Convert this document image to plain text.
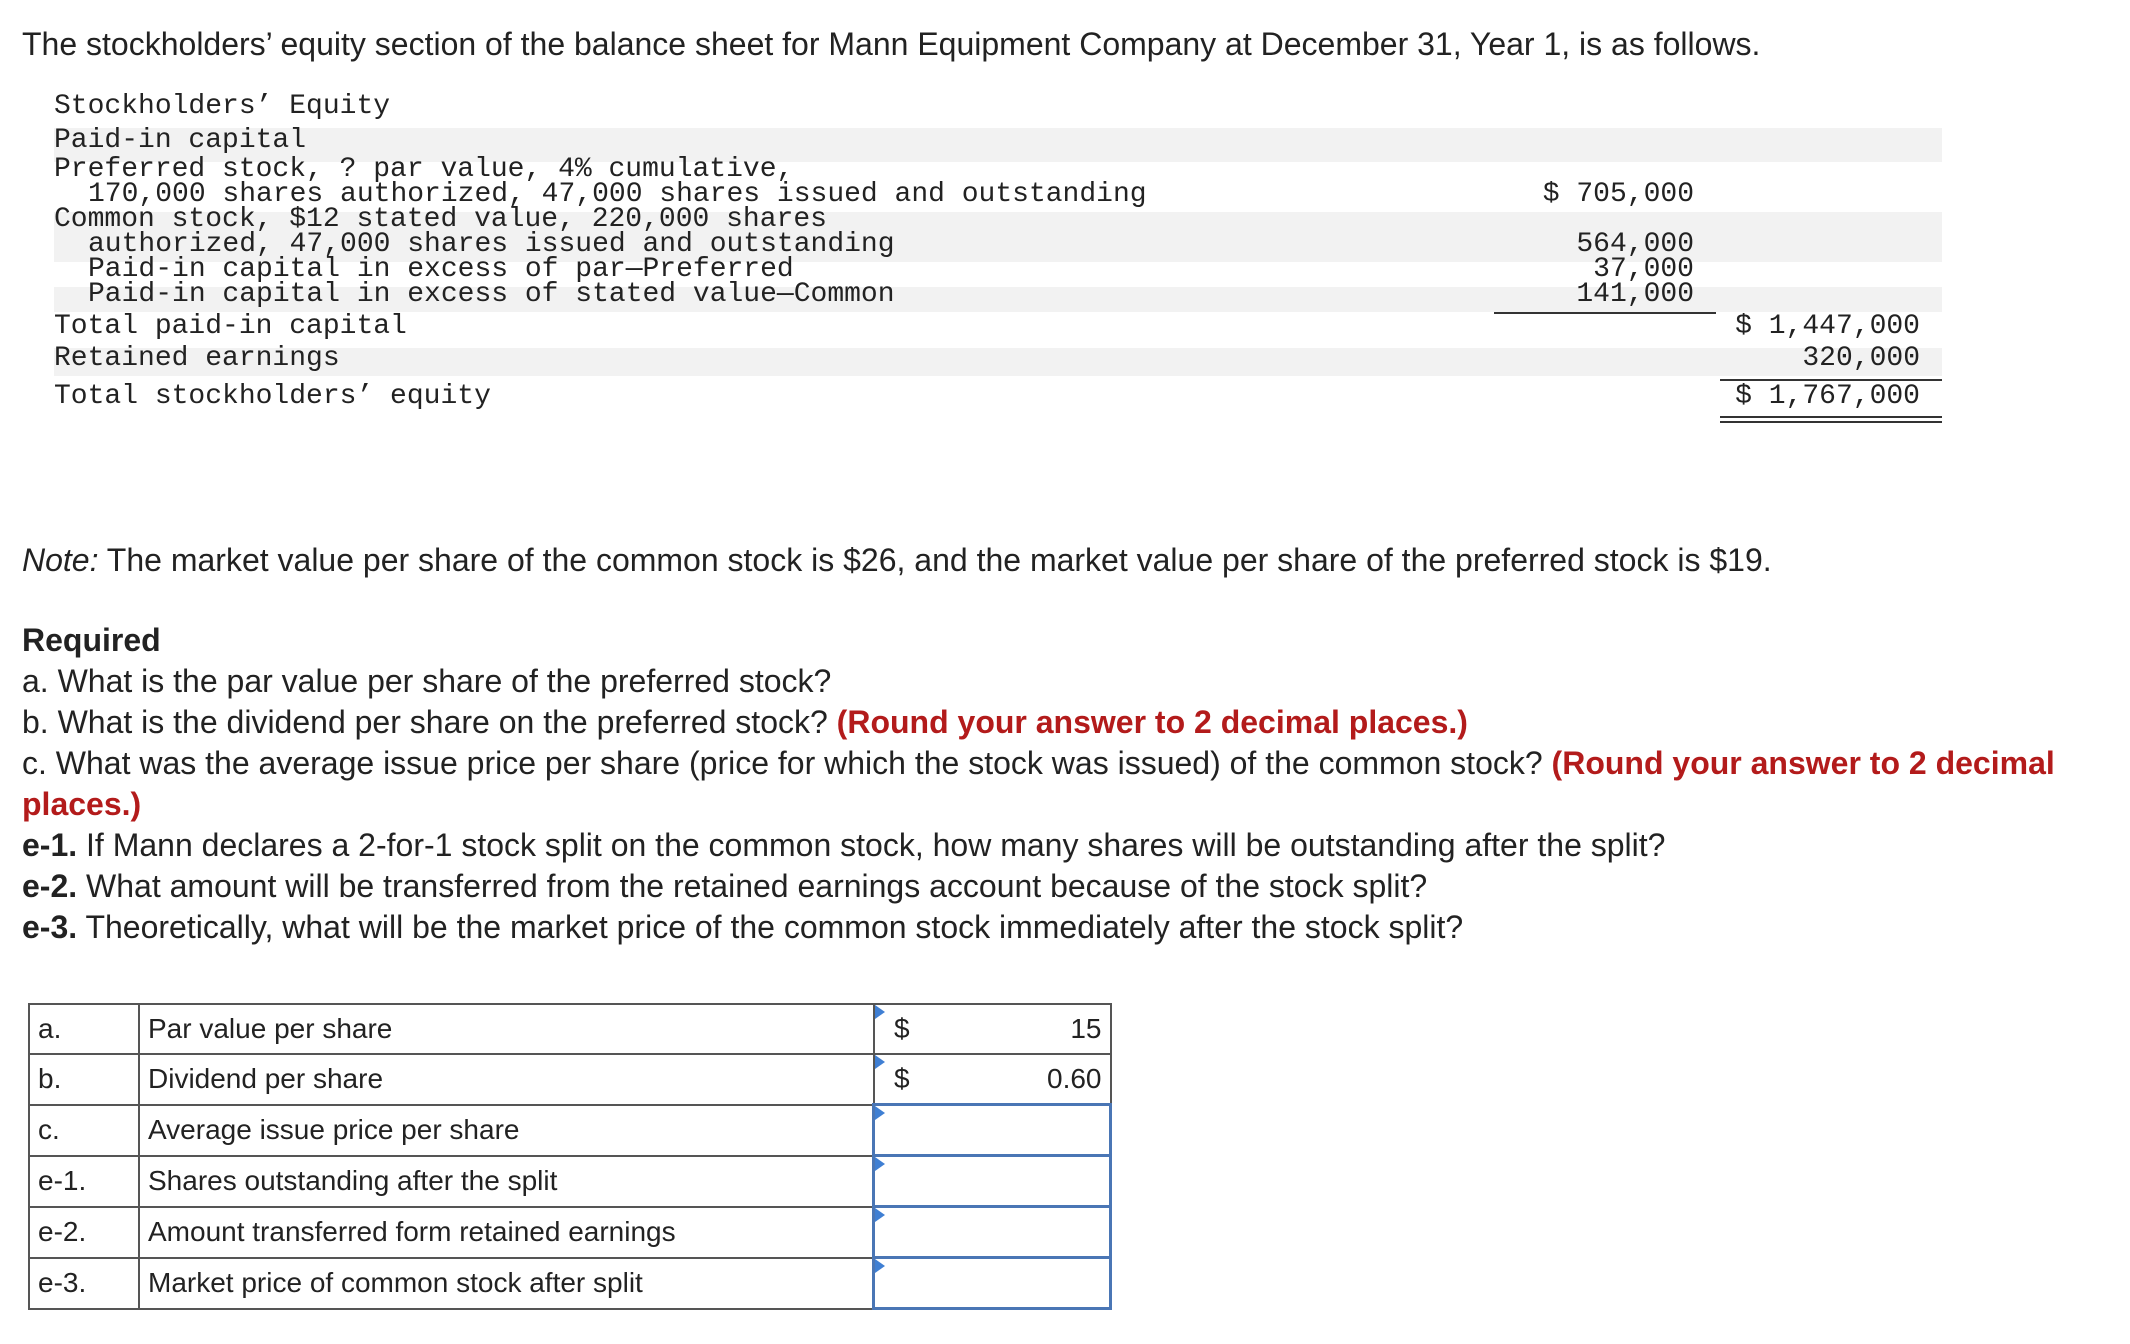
The stockholders’ equity section of the balance sheet for Mann Equipment Company at December 31, Year 1, is as follows.

Stockholders’ Equity
Paid-in capital
Preferred stock, ? par value, 4% cumulative,
170,000 shares authorized, 47,000 shares issued and outstanding	$ 705,000
Common stock, $12 stated value, 220,000 shares
authorized, 47,000 shares issued and outstanding	564,000
Paid-in capital in excess of par—Preferred	37,000
Paid-in capital in excess of stated value—Common	141,000
Total paid-in capital	$ 1,447,000
Retained earnings	320,000
Total stockholders’ equity	$ 1,767,000

Note: The market value per share of the common stock is $26, and the market value per share of the preferred stock is $19.

Required

a. What is the par value per share of the preferred stock?

b. What is the dividend per share on the preferred stock? (Round your answer to 2 decimal places.)

c. What was the average issue price per share (price for which the stock was issued) of the common stock? (Round your answer to 2 decimal places.)

e-1. If Mann declares a 2-for-1 stock split on the common stock, how many shares will be outstanding after the split?

e-2. What amount will be transferred from the retained earnings account because of the stock split?

e-3. Theoretically, what will be the market price of the common stock immediately after the stock split?

a.	Par value per share	$	15
b.	Dividend per share	$	0.60
c.	Average issue price per share	

e-1.	Shares outstanding after the split	

e-2.	Amount transferred form retained earnings	

e-3.	Market price of common stock after split	
